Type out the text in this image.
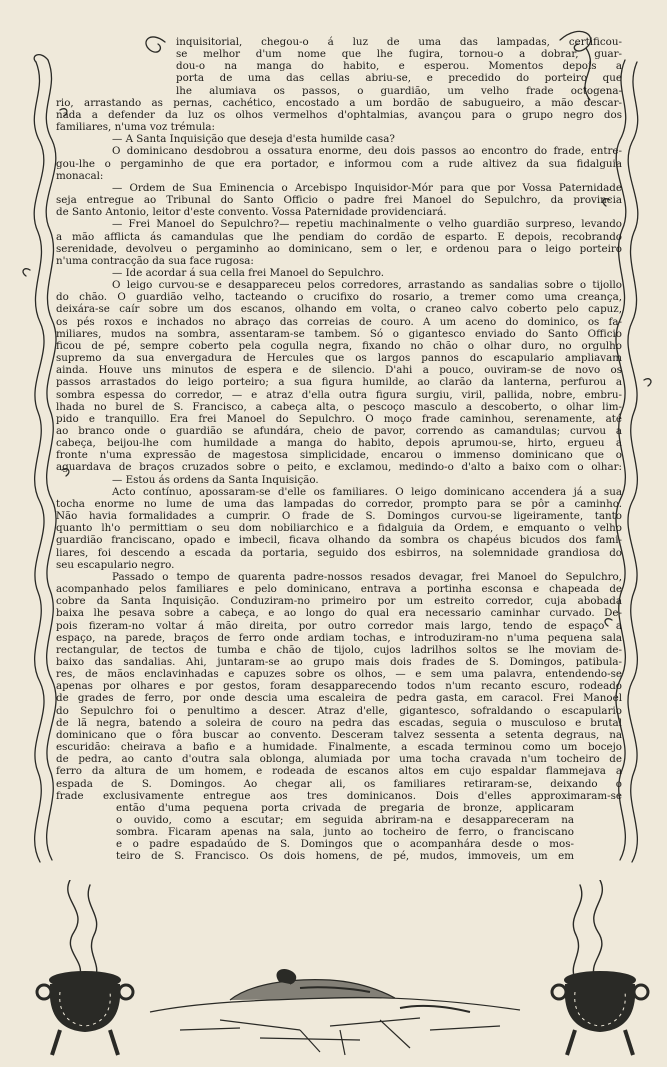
inquisitorial, chegou-o á luz de uma das lampadas, certificou-
se melhor d'um nome que lhe fugira, tornou-o a dobrar, guar-
dou-o na manga do habito, e esperou. Momentos depois a
porta de uma das cellas abriu-se, e precedido do porteiro que
lhe alumiava os passos, o guardião, um velho frade octogena-
rio, arrastando as pernas, cachético, encostado a um bordão de sabugueiro, a mão descar-
nada a defender da luz os olhos vermelhos d'ophtalmias, avançou para o grupo negro dos
familiares, n'uma voz trémula:
— A Santa Inquisição que deseja d'esta humilde casa?
O dominicano desdobrou a ossatura enorme, deu dois passos ao encontro do frade, entre-
gou-lhe o pergaminho de que era portador, e informou com a rude altivez da sua fidalguia
monacal:
— Ordem de Sua Eminencia o Arcebispo Inquisidor-Mór para que por Vossa Paternidade
seja entregue ao Tribunal do Santo Officio o padre frei Manoel do Sepulchro, da provincia
de Santo Antonio, leitor d'este convento. Vossa Paternidade providenciará.
— Frei Manoel do Sepulchro?— repetiu machinalmente o velho guardião surpreso, levando
a mão afflicta ás camandulas que lhe pendiam do cordão de esparto. E depois, recobrando
serenidade, devolveu o pergaminho ao dominicano, sem o ler, e ordenou para o leigo porteiro
n'uma contracção da sua face rugosa:
— Ide acordar á sua cella frei Manoel do Sepulchro.
O leigo curvou-se e desappareceu pelos corredores, arrastando as sandalias sobre o tijollo
do chão. O guardião velho, tacteando o crucifixo do rosario, a tremer como uma creança,
deixára-se caír sobre um dos escanos, olhando em volta, o craneo calvo coberto pelo capuz,
os pés roxos e inchados no abraço das correias de couro. A um aceno do dominico, os fa-
miliares, mudos na sombra, assentaram-se tambem. Só o gigantesco enviado do Santo Officio
ficou de pé, sempre coberto pela cogulla negra, fixando no chão o olhar duro, no orgulho
supremo da sua envergadura de Hercules que os largos pannos do escapulario ampliavam
ainda. Houve uns minutos de espera e de silencio. D'ahi a pouco, ouviram-se de novo os
passos arrastados do leigo porteiro; a sua figura humilde, ao clarão da lanterna, perfurou a
sombra espessa do corredor, — e atraz d'ella outra figura surgiu, viril, pallida, nobre, embru-
lhada no burel de S. Francisco, a cabeça alta, o pescoço masculo a descoberto, o olhar lim-
pido e tranquillo. Era frei Manoel do Sepulchro. O moço frade caminhou, serenamente, até
ao branco onde o guardião se afundára, cheio de pavor, correndo as camandulas; curvou a
cabeça, beijou-lhe com humildade a manga do habito, depois aprumou-se, hirto, ergueu a
fronte n'uma expressão de magestosa simplicidade, encarou o immenso dominicano que o
aguardava de braços cruzados sobre o peito, e exclamou, medindo-o d'alto a baixo com o olhar:
— Estou ás ordens da Santa Inquisição.
Acto contínuo, apossaram-se d'elle os familiares. O leigo dominicano accendera já a sua
tocha enorme no lume de uma das lampadas do corredor, prompto para se pôr a caminho.
Não havia formalidades a cumprir. O frade de S. Domingos curvou-se ligeiramente, tanto
quanto lh'o permittiam o seu dom nobiliarchico e a fidalguia da Ordem, e emquanto o velho
guardião franciscano, opado e imbecil, ficava olhando da sombra os chapéus bicudos dos fami-
liares, foi descendo a escada da portaria, seguido dos esbirros, na solemnidade grandiosa do
seu escapulario negro.
Passado o tempo de quarenta padre-nossos resados devagar, frei Manoel do Sepulchro,
acompanhado pelos familiares e pelo dominicano, entrava a portinha esconsa e chapeada de
cobre da Santa Inquisição. Conduziram-no primeiro por um estreito corredor, cuja abobada
baixa lhe pesava sobre a cabeça, e ao longo do qual era necessario caminhar curvado. De-
pois fizeram-no voltar á mão direita, por outro corredor mais largo, tendo de espaço a
espaço, na parede, braços de ferro onde ardiam tochas, e introduziram-no n'uma pequena sala
rectangular, de tectos de tumba e chão de tijolo, cujos ladrilhos soltos se lhe moviam de-
baixo das sandalias. Ahi, juntaram-se ao grupo mais dois frades de S. Domingos, patibula-
res, de mãos enclavinhadas e capuzes sobre os olhos, — e sem uma palavra, entendendo-se
apenas por olhares e por gestos, foram desapparecendo todos n'um recanto escuro, rodeado
de grades de ferro, por onde descia uma escaleira de pedra gasta, em caracol. Frei Manoel
do Sepulchro foi o penultimo a descer. Atraz d'elle, gigantesco, sofraldando o escapulario
de lã negra, batendo a soleira de couro na pedra das escadas, seguia o musculoso e brutal
dominicano que o fôra buscar ao convento. Desceram talvez sessenta a setenta degraus, na
escuridão: cheirava a bafio e a humidade. Finalmente, a escada terminou como um bocejo
de pedra, ao canto d'outra sala oblonga, alumiada por uma tocha cravada n'um tocheiro de
ferro da altura de um homem, e rodeada de escanos altos em cujo espaldar flammejava a
espada de S. Domingos. Ao chegar ali, os familiares retiraram-se, deixando o
frade exclusivamente entregue aos tres dominicanos. Dois d'elles approximaram-se
então d'uma pequena porta crivada de pregaria de bronze, applicaram
o ouvido, como a escutar; em seguida abriram-na e desappareceram na
sombra. Ficaram apenas na sala, junto ao tocheiro de ferro, o franciscano
e o padre espadaúdo de S. Domingos que o acompanhára desde o mos-
teiro de S. Francisco. Os dois homens, de pé, mudos, immoveis, um em
